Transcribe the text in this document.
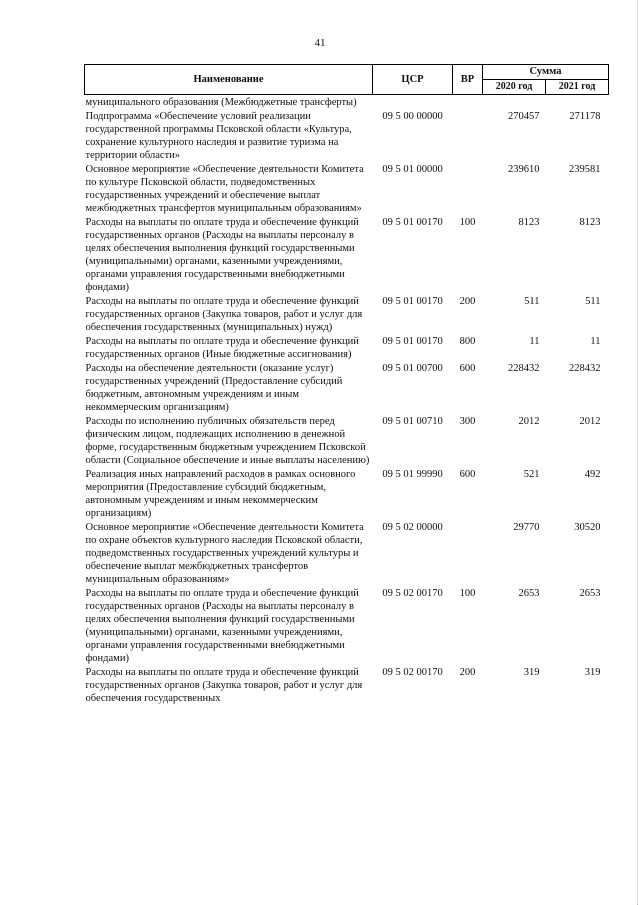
41
Наименование	ЦСР	ВР	Сумма	
			2020 год	2021 год
муниципального образования (Межбюджетные трансферты)				
Подпрограмма «Обеспечение условий реализации государственной программы Псковской области «Культура, сохранение культурного наследия и развитие туризма на территории области»	09 5 00 00000		270457	271178
Основное мероприятие «Обеспечение деятельности Комитета по культуре Псковской области, подведомственных государственных учреждений и обеспечение выплат межбюджетных трансфертов муниципальным образованиям»	09 5 01 00000		239610	239581
Расходы на выплаты по оплате труда и обеспечение функций государственных органов (Расходы на выплаты персоналу в целях обеспечения выполнения функций государственными (муниципальными) органами, казенными учреждениями, органами управления государственными внебюджетными фондами)	09 5 01 00170	100	8123	8123
Расходы на выплаты по оплате труда и обеспечение функций государственных органов (Закупка товаров, работ и услуг для обеспечения государственных (муниципальных) нужд)	09 5 01 00170	200	511	511
Расходы на выплаты по оплате труда и обеспечение функций государственных органов (Иные бюджетные ассигнования)	09 5 01 00170	800	11	11
Расходы на обеспечение деятельности (оказание услуг) государственных учреждений (Предоставление субсидий бюджетным, автономным учреждениям и иным некоммерческим организациям)	09 5 01 00700	600	228432	228432
Расходы по исполнению публичных обязательств перед физическим лицом, подлежащих исполнению в денежной форме, государственным бюджетным учреждением Псковской области (Социальное обеспечение и иные выплаты населению)	09 5 01 00710	300	2012	2012
Реализация иных направлений расходов в рамках основного мероприятия (Предоставление субсидий бюджетным, автономным учреждениям и иным некоммерческим организациям)	09 5 01 99990	600	521	492
Основное мероприятие «Обеспечение деятельности Комитета по охране объектов культурного наследия Псковской области, подведомственных государственных учреждений культуры и обеспечение выплат межбюджетных трансфертов муниципальным образованиям»	09 5 02 00000		29770	30520
Расходы на выплаты по оплате труда и обеспечение функций государственных органов (Расходы на выплаты персоналу в целях обеспечения выполнения функций государственными (муниципальными) органами, казенными учреждениями, органами управления государственными внебюджетными фондами)	09 5 02 00170	100	2653	2653
Расходы на выплаты по оплате труда и обеспечение функций государственных органов (Закупка товаров, работ и услуг для обеспечения государственных	09 5 02 00170	200	319	319
